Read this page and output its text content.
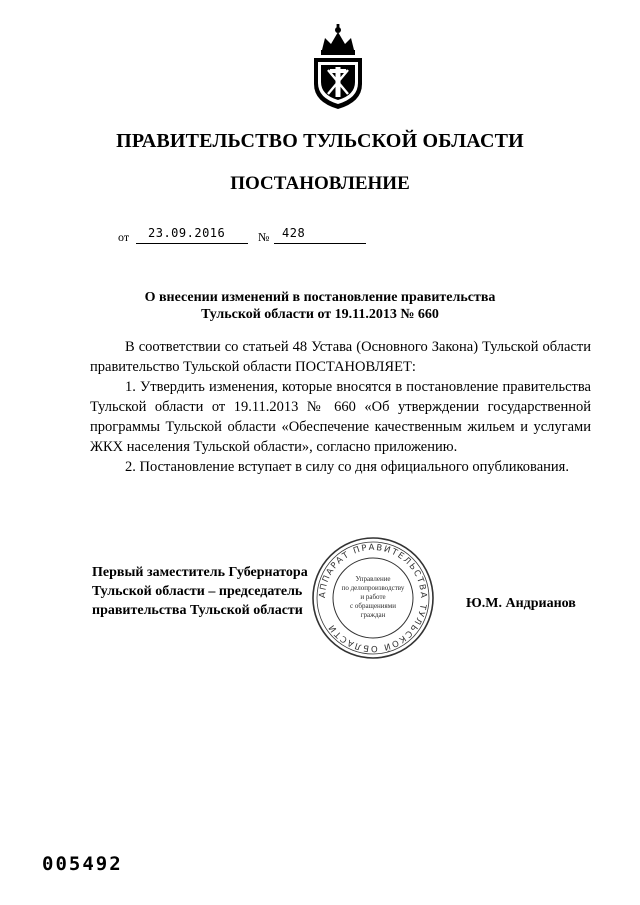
ПРАВИТЕЛЬСТВО ТУЛЬСКОЙ ОБЛАСТИ
ПОСТАНОВЛЕНИЕ
от 23.09.2016	№ 428
О внесении изменений в постановление правительства
Тульской области от 19.11.2013 № 660

В соответствии со статьей 48 Устава (Основного Закона) Тульской области правительство Тульской области ПОСТАНОВЛЯЕТ:

1. Утвердить изменения, которые вносятся в постановление правительства Тульской области от 19.11.2013 № 660 «Об утверждении государственной программы Тульской области «Обеспечение качественным жильем и услугами ЖКХ населения Тульской области», согласно приложению.

2. Постановление вступает в силу со дня официального опубликования.

Первый заместитель Губернатора
Тульской области – председатель
правительства Тульской области
АППАРАТ ПРАВИТЕЛЬСТВА ТУЛЬСКОЙ ОБЛАСТИ
Управление
по делопроизводству
и работе
с обращениями
граждан
Ю.М. Андрианов
005492
